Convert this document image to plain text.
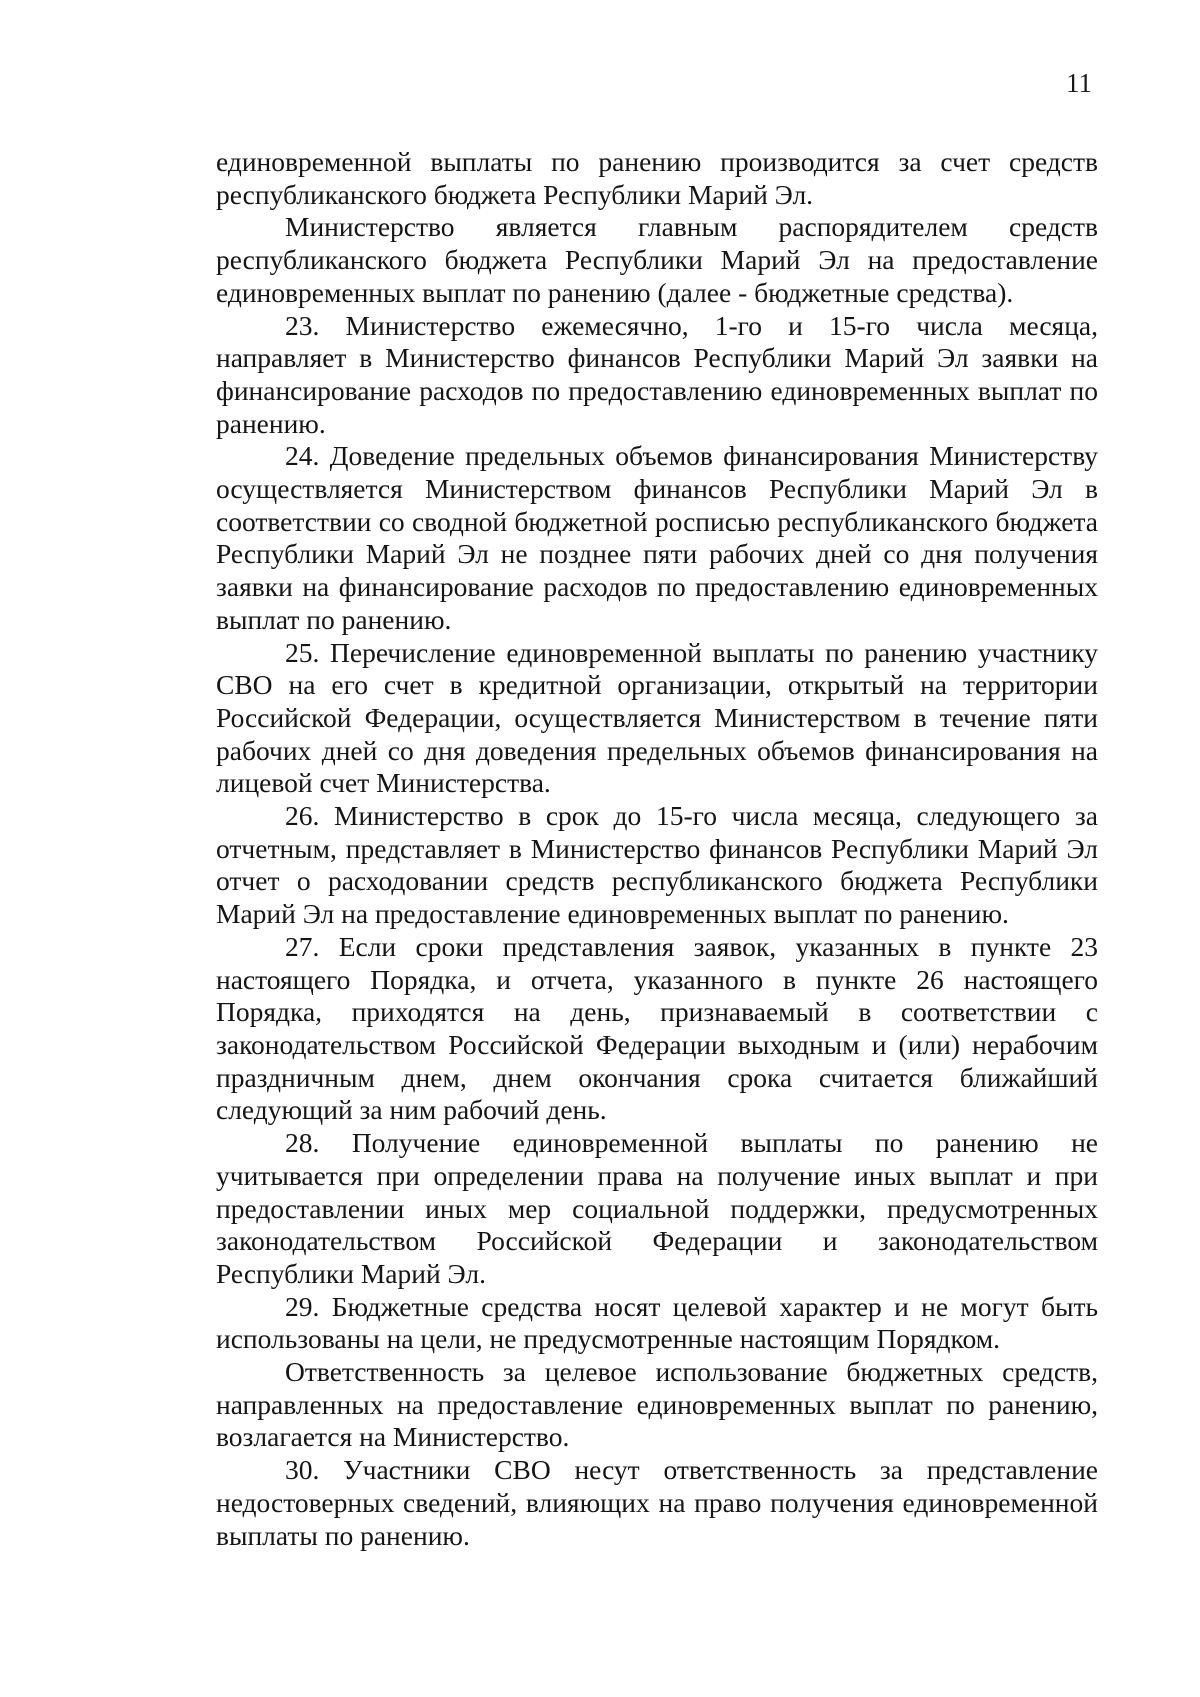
11

единовременной выплаты по ранению производится за счет средств республиканского бюджета Республики Марий Эл.

Министерство является главным распорядителем средств республиканского бюджета Республики Марий Эл на предоставление единовременных выплат по ранению (далее - бюджетные средства).

23. Министерство ежемесячно, 1-го и 15-го числа месяца, направляет в Министерство финансов Республики Марий Эл заявки на финансирование расходов по предоставлению единовременных выплат по ранению.

24. Доведение предельных объемов финансирования Министерству осуществляется Министерством финансов Республики Марий Эл в соответствии со сводной бюджетной росписью республиканского бюджета Республики Марий Эл не позднее пяти рабочих дней со дня получения заявки на финансирование расходов по предоставлению единовременных выплат по ранению.

25. Перечисление единовременной выплаты по ранению участнику СВО на его счет в кредитной организации, открытый на территории Российской Федерации, осуществляется Министерством в течение пяти рабочих дней со дня доведения предельных объемов финансирования на лицевой счет Министерства.

26. Министерство в срок до 15-го числа месяца, следующего за отчетным, представляет в Министерство финансов Республики Марий Эл отчет о расходовании средств республиканского бюджета Республики Марий Эл на предоставление единовременных выплат по ранению.

27. Если сроки представления заявок, указанных в пункте 23 настоящего Порядка, и отчета, указанного в пункте 26 настоящего Порядка, приходятся на день, признаваемый в соответствии с законодательством Российской Федерации выходным и (или) нерабочим праздничным днем, днем окончания срока считается ближайший следующий за ним рабочий день.

28. Получение единовременной выплаты по ранению не учитывается при определении права на получение иных выплат и при предоставлении иных мер социальной поддержки, предусмотренных законодательством Российской Федерации и законодательством Республики Марий Эл.

29. Бюджетные средства носят целевой характер и не могут быть использованы на цели, не предусмотренные настоящим Порядком.

Ответственность за целевое использование бюджетных средств, направленных на предоставление единовременных выплат по ранению, возлагается на Министерство.

30. Участники СВО несут ответственность за представление недостоверных сведений, влияющих на право получения единовременной выплаты по ранению.
